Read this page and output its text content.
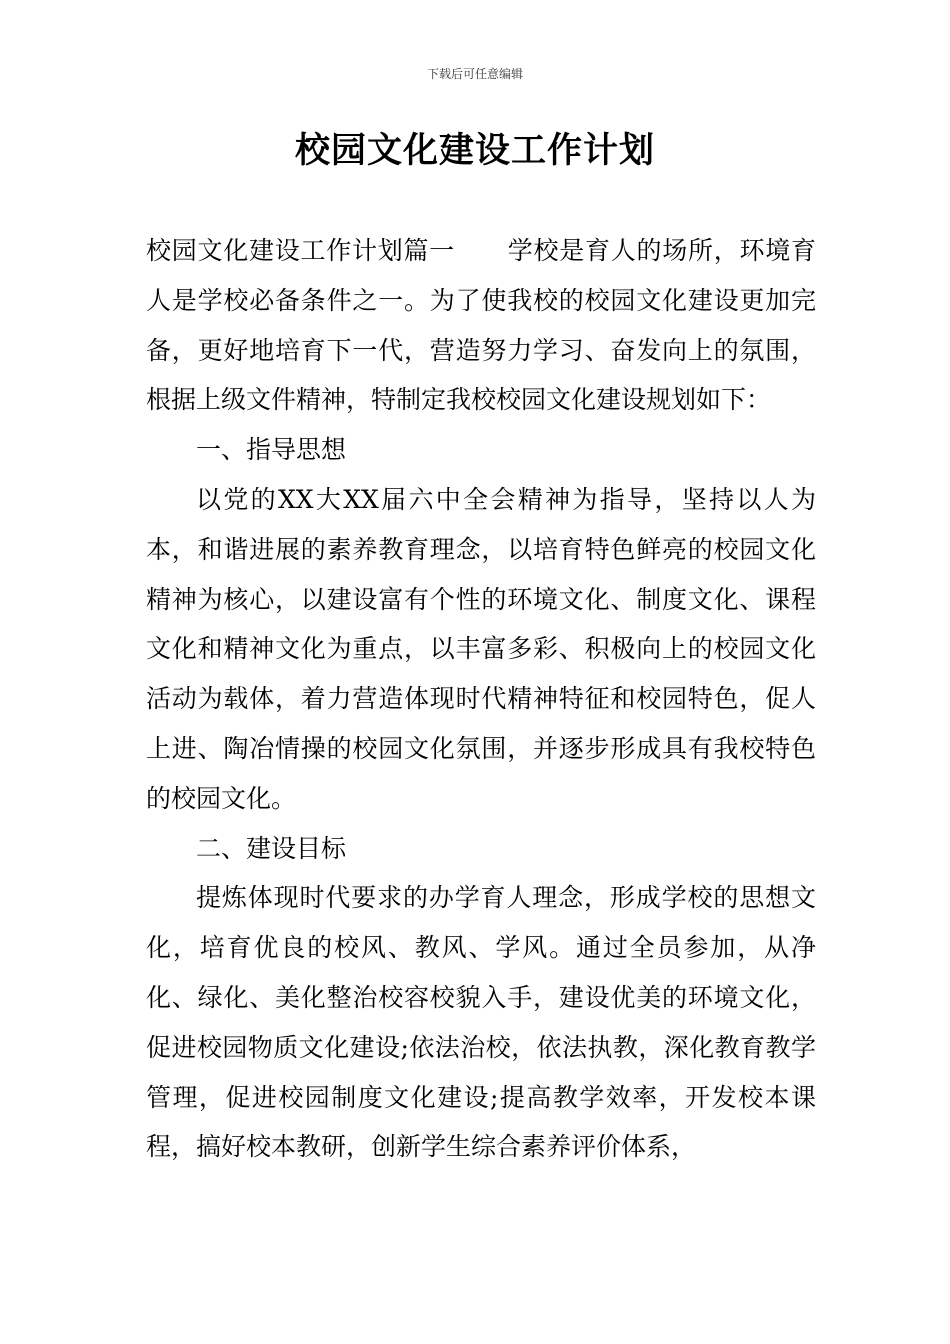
下载后可任意编辑
校园文化建设工作计划

校园文化建设工作计划篇一 学校是育人的场所，环境育人是学校必备条件之一。为了使我校的校园文化建设更加完备，更好地培育下一代，营造努力学习、奋发向上的氛围，根据上级文件精神，特制定我校校园文化建设规划如下：

一、指导思想

以党的XX大XX届六中全会精神为指导，坚持以人为本，和谐进展的素养教育理念，以培育特色鲜亮的校园文化精神为核心，以建设富有个性的环境文化、制度文化、课程文化和精神文化为重点，以丰富多彩、积极向上的校园文化活动为载体，着力营造体现时代精神特征和校园特色，促人上进、陶冶情操的校园文化氛围，并逐步形成具有我校特色的校园文化。

二、建设目标

提炼体现时代要求的办学育人理念，形成学校的思想文化，培育优良的校风、教风、学风。通过全员参加，从净化、绿化、美化整治校容校貌入手，建设优美的环境文化，促进校园物质文化建设;依法治校，依法执教，深化教育教学管理，促进校园制度文化建设;提高教学效率，开发校本课程，搞好校本教研，创新学生综合素养评价体系，
